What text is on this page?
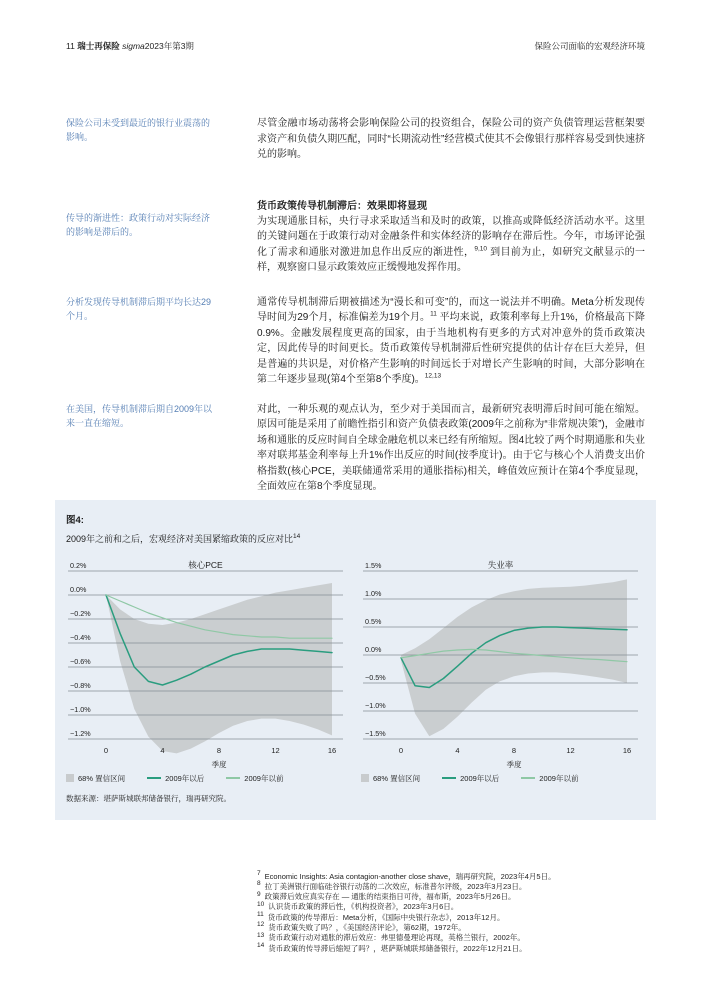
11 瑞士再保险 sigma2023年第3期	保险公司面临的宏观经济环境
保险公司未受到最近的银行业震荡的影响。

尽管金融市场动荡将会影响保险公司的投资组合，保险公司的资产负债管理运营框架要求资产和负债久期匹配，同时“长期流动性”经营模式使其不会像银行那样容易受到快速挤兑的影响。

传导的渐进性：政策行动对实际经济的影响是滞后的。
货币政策传导机制滞后：效果即将显现

为实现通胀目标，央行寻求采取适当和及时的政策，以推高或降低经济活动水平。这里的关键问题在于政策行动对金融条件和实体经济的影响存在滞后性。今年，市场评论强化了需求和通胀对激进加息作出反应的渐进性，$^{9,10}$ 到目前为止，如研究文献显示的一样，观察窗口显示政策效应正缓慢地发挥作用。

分析发现传导机制滞后期平均长达29个月。

通常传导机制滞后期被描述为“漫长和可变”的，而这一说法并不明确。Meta分析发现传导时间为29个月，标准偏差为19个月。$^{11}$ 平均来说，政策利率每上升1%，价格最高下降0.9%。金融发展程度更高的国家，由于当地机构有更多的方式对冲意外的货币政策决定，因此传导的时间更长。货币政策传导机制滞后性研究提供的估计存在巨大差异，但是普遍的共识是，对价格产生影响的时间远长于对增长产生影响的时间，大部分影响在第二年逐步显现(第4个至第8个季度)。$^{12,13}$

在美国，传导机制滞后期自2009年以来一直在缩短。

对此，一种乐观的观点认为，至少对于美国而言，最新研究表明滞后时间可能在缩短。原因可能是采用了前瞻性指引和资产负债表政策(2009年之前称为“非常规决策”)，金融市场和通胀的反应时间自全球金融危机以来已经有所缩短。图4比较了两个时期通胀和失业率对联邦基金利率每上升1%作出反应的时间(按季度计)。由于它与核心个人消费支出价格指数(核心PCE，美联储通常采用的通胀指标)相关，峰值效应预计在第4个季度显现，全面效应在第8个季度显现。

图4:
2009年之前和之后，宏观经济对美国紧缩政策的反应对比$^{14}$
0.2%
0.0%
−0.2%
−0.4%
−0.6%
−0.8%
−1.0%
−1.2%
核心PCE
0	4	8	12	16
季度
68% 置信区间	2009年以后	2009年以前
1.5%
1.0%
0.5%
0.0%
−0.5%
−1.0%
−1.5%
失业率
0	4	8	12	16
季度
68% 置信区间	2009年以后	2009年以前
数据来源：堪萨斯城联邦储备银行，瑞再研究院。
$^7$ Economic Insights: Asia contagion-another close shave，瑞再研究院，2023年4月5日。
$^8$ 拉丁美洲银行面临硅谷银行动荡的二次效应，标准普尔评级，2023年3月23日。
$^9$ 政策滞后效应真实存在 — 通胀的结束指日可待，福布斯，2023年5月26日。
$^{10}$ 认识货币政策的滞后性，《机构投资者》，2023年3月6日。
$^{11}$ 货币政策的传导滞后：Meta分析，《国际中央银行杂志》，2013年12月。
$^{12}$ 货币政策失败了吗？，《美国经济评论》，第62期，1972年。
$^{13}$ 货币政策行动对通胀的滞后效应：弗里德曼理论再现，英格兰银行，2002年。
$^{14}$ 货币政策的传导滞后缩短了吗？，堪萨斯城联邦储备银行，2022年12月21日。
